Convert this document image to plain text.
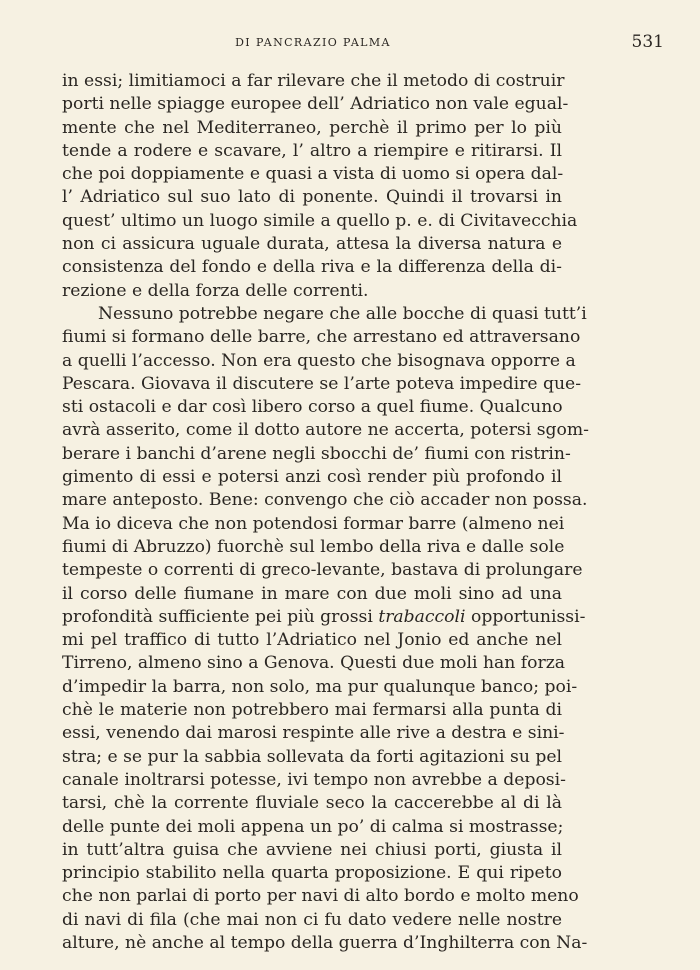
DI PANCRAZIO PALMA	531
in essi; limitiamoci a far rilevare che il metodo di costruir
porti nelle spiagge europee dell’ Adriatico non vale egual-
mente che nel Mediterraneo, perchè il primo per lo più
tende a rodere e scavare, l’ altro a riempire e ritirarsi. Il
che poi doppiamente e quasi a vista di uomo si opera dal-
l’ Adriatico sul suo lato di ponente. Quindi il trovarsi in
quest’ ultimo un luogo simile a quello p. e. di Civitavecchia
non ci assicura uguale durata, attesa la diversa natura e
consistenza del fondo e della riva e la differenza della di-
rezione e della forza delle correnti.
Nessuno potrebbe negare che alle bocche di quasi tutt’i
fiumi si formano delle barre, che arrestano ed attraversano
a quelli l’accesso. Non era questo che bisognava opporre a
Pescara. Giovava il discutere se l’arte poteva impedire que-
sti ostacoli e dar così libero corso a quel fiume. Qualcuno
avrà asserito, come il dotto autore ne accerta, potersi sgom-
berare i banchi d’arene negli sbocchi de’ fiumi con ristrin-
gimento di essi e potersi anzi così render più profondo il
mare anteposto. Bene: convengo che ciò accader non possa.
Ma io diceva che non potendosi formar barre (almeno nei
fiumi di Abruzzo) fuorchè sul lembo della riva e dalle sole
tempeste o correnti di greco-levante, bastava di prolungare
il corso delle fiumane in mare con due moli sino ad una
profondità sufficiente pei più grossi trabaccoli opportunissi-
mi pel traffico di tutto l’Adriatico nel Jonio ed anche nel
Tirreno, almeno sino a Genova. Questi due moli han forza
d’impedir la barra, non solo, ma pur qualunque banco; poi-
chè le materie non potrebbero mai fermarsi alla punta di
essi, venendo dai marosi respinte alle rive a destra e sini-
stra; e se pur la sabbia sollevata da forti agitazioni su pel
canale inoltrarsi potesse, ivi tempo non avrebbe a deposi-
tarsi, chè la corrente fluviale seco la caccerebbe al di là
delle punte dei moli appena un po’ di calma si mostrasse;
in tutt’altra guisa che avviene nei chiusi porti, giusta il
principio stabilito nella quarta proposizione. E qui ripeto
che non parlai di porto per navi di alto bordo e molto meno
di navi di fila (che mai non ci fu dato vedere nelle nostre
alture, nè anche al tempo della guerra d’Inghilterra con Na-
